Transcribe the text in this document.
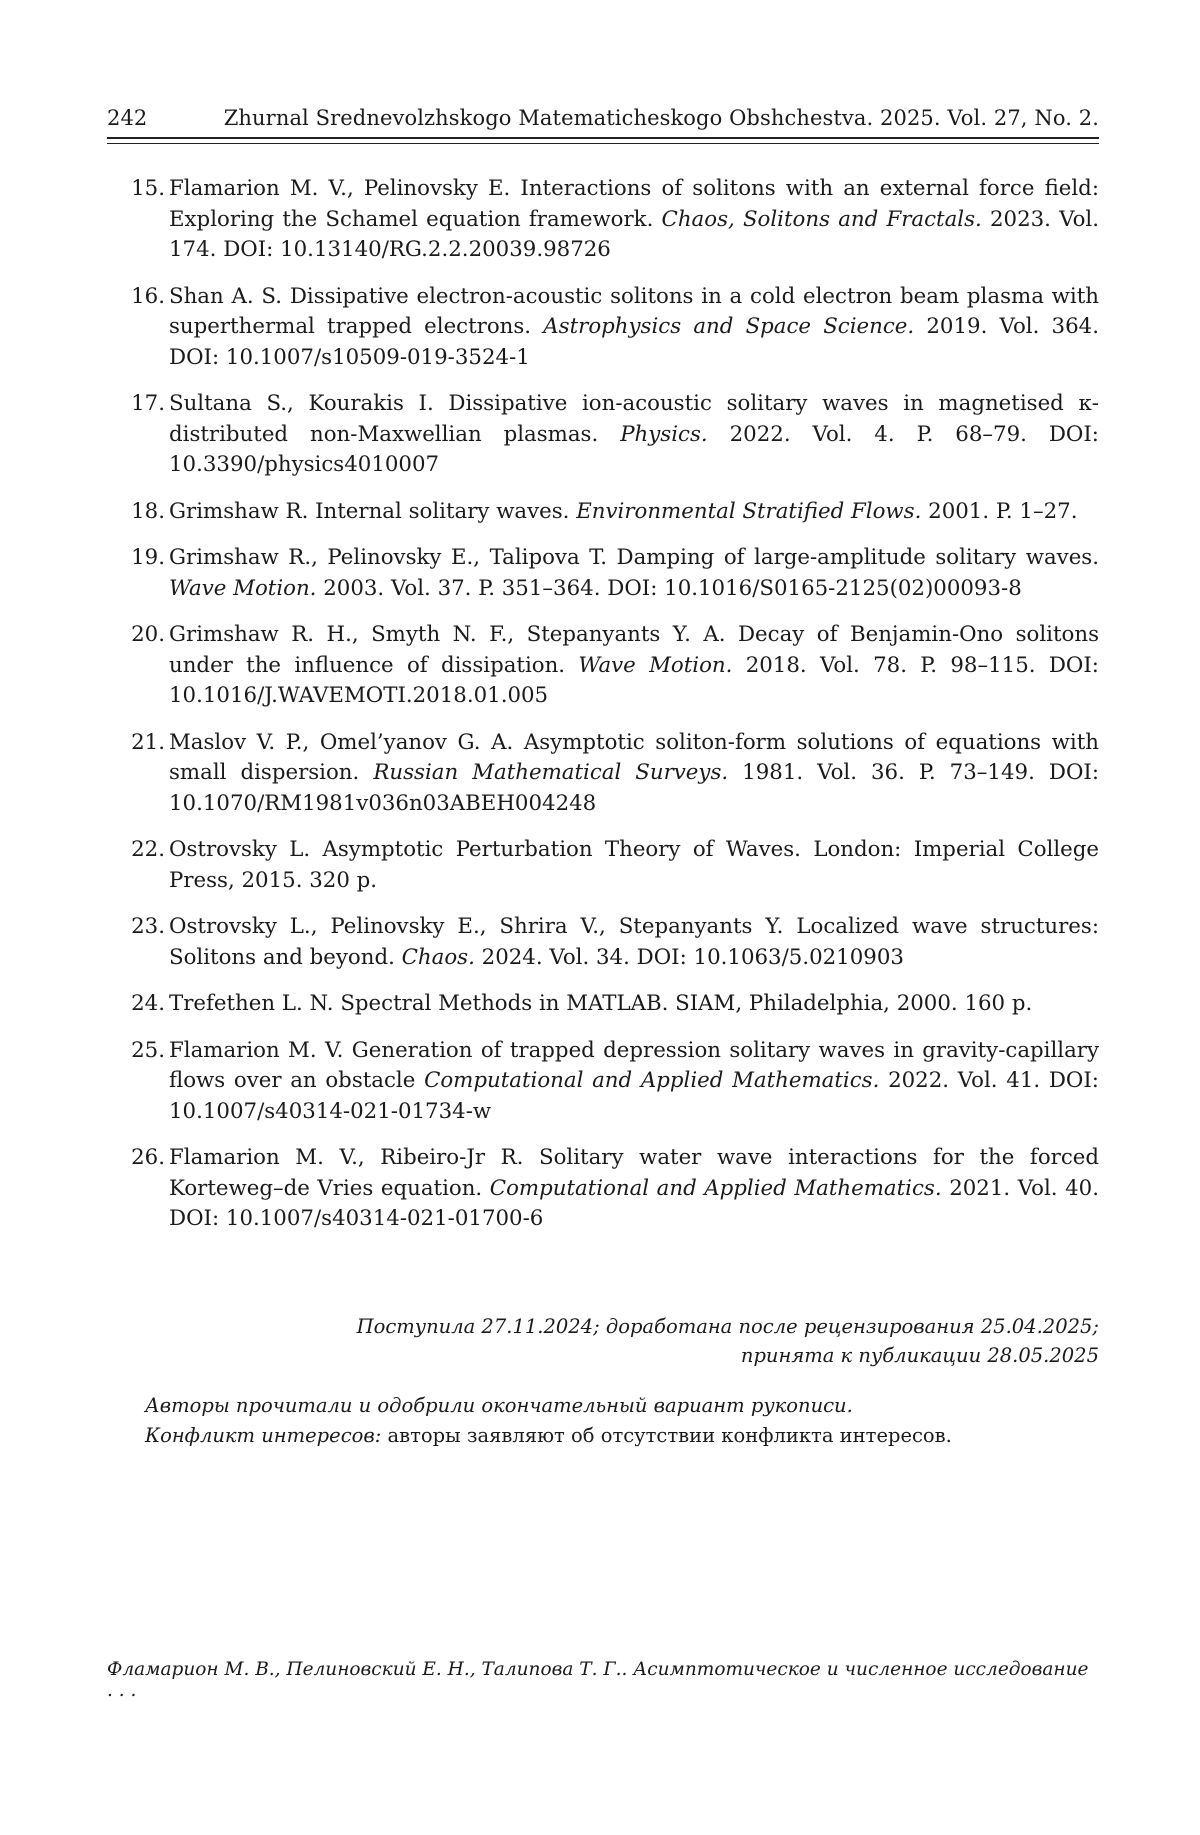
242	Zhurnal Srednevolzhskogo Matematicheskogo Obshchestva. 2025. Vol. 27, No. 2.
15 . Flamarion M. V., Pelinovsky E. Interactions of solitons with an external force field: Exploring the Schamel equation framework. Chaos, Solitons and Fractals. 2023. Vol. 174. DOI: 10.13140/RG.2.2.20039.98726
16 . Shan A. S. Dissipative electron-acoustic solitons in a cold electron beam plasma with superthermal trapped electrons. Astrophysics and Space Science. 2019. Vol. 364. DOI: 10.1007/s10509-019-3524-1
17 . Sultana S., Kourakis I. Dissipative ion-acoustic solitary waves in magnetised κ-distributed non-Maxwellian plasmas. Physics. 2022. Vol. 4. P. 68–79. DOI: 10.3390/physics4010007
18 . Grimshaw R. Internal solitary waves. Environmental Stratified Flows. 2001. P. 1–27.
19 . Grimshaw R., Pelinovsky E., Talipova T. Damping of large-amplitude solitary waves.Wave Motion. 2003. Vol. 37. P. 351–364. DOI: 10.1016/S0165-2125(02)00093-8
20 . Grimshaw R. H., Smyth N. F., Stepanyants Y. A. Decay of Benjamin-Ono solitons under the influence of dissipation. Wave Motion. 2018. Vol. 78. P. 98–115. DOI: 10.1016/J.WAVEMOTI.2018.01.005
21 . Maslov V. P., Omel’yanov G. A. Asymptotic soliton-form solutions of equations with small dispersion. Russian Mathematical Surveys. 1981. Vol. 36. P. 73–149. DOI: 10.1070/RM1981v036n03ABEH004248
22 . Ostrovsky L. Asymptotic Perturbation Theory of Waves. London: Imperial College Press, 2015. 320 p.
23 . Ostrovsky L., Pelinovsky E., Shrira V., Stepanyants Y. Localized wave structures: Solitons and beyond. Chaos. 2024. Vol. 34. DOI: 10.1063/5.0210903
24 . Trefethen L. N. Spectral Methods in MATLAB. SIAM, Philadelphia, 2000. 160 p.
25 . Flamarion M. V. Generation of trapped depression solitary waves in gravity-capillary flows over an obstacle Computational and Applied Mathematics. 2022. Vol. 41. DOI: 10.1007/s40314-021-01734-w
26 . Flamarion M. V., Ribeiro-Jr R. Solitary water wave interactions for the forced Korteweg–de Vries equation. Computational and Applied Mathematics. 2021. Vol. 40. DOI: 10.1007/s40314-021-01700-6
Поступила 27.11.2024; доработана после рецензирования 25.04.2025;
принята к публикации 28.05.2025
Авторы прочитали и одобрили окончательный вариант рукописи.
Конфликт интересов: авторы заявляют об отсутствии конфликта интересов.
Фламарион М. В., Пелиновский Е. Н., Талипова Т. Г.. Асимптотическое и численное исследование . . .
